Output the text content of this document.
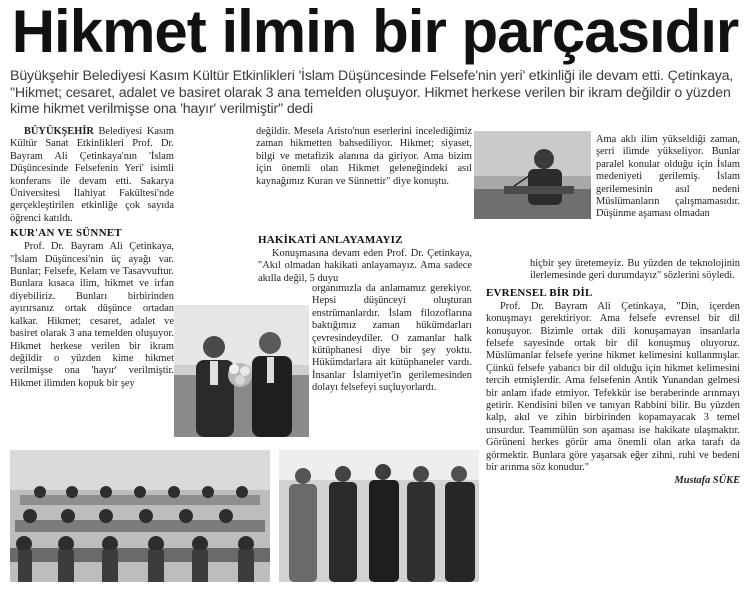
Hikmet ilmin bir parçasıdır
Büyükşehir Belediyesi Kasım Kültür Etkinlikleri 'İslam Düşüncesinde Felsefe'nin yeri' etkinliği ile devam etti. Çetinkaya, "Hikmet; cesaret, adalet ve basiret olarak 3 ana temelden oluşuyor. Hikmet herkese verilen bir ikram değildir o yüzden kime hikmet verilmişse ona 'hayır' verilmiştir" dedi

BÜYÜKŞEHİR Belediyesi Kasım Kültür Sanat Etkinlikleri Prof. Dr. Bayram Ali Çetinkaya'nın 'İslam Düşüncesinde Felsefenin Yeri' isimli konferans ile devam etti. Sakarya Üniversitesi İlahiyat Fakültesi'nde gerçekleştirilen etkinliğe çok sayıda öğrenci katıldı.

KUR'AN VE SÜNNET

Prof. Dr. Bayram Ali Çetinkaya, "İslam Düşüncesi'nin üç ayağı var. Bunlar; Felsefe, Kelam ve Tasavvuftur. Bunlara kısaca ilim, hikmet ve irfan diyebiliriz. Bunları birbirinden ayırırsanız ortak düşünce ortadan kalkar. Hikmet; cesaret, adalet ve basiret olarak 3 ana temelden oluşuyor. Hikmet herkese verilen bir ikram değildir o yüzden kime hikmet verilmişse ona 'hayır' verilmiştir. Hikmet ilimden kopuk bir şey

değildir. Mesela Aristo'nun eserlerini incelediğimiz zaman hikmetten bahsediliyor. Hikmet; siyaset, bilgi ve metafizik alanına da giriyor. Ama bizim için önemli olan Hikmet geleneğindeki asıl kaynağımız Kuran ve Sünnettir" diye konuştu.

HAKİKATİ ANLAYAMAYIZ

Konuşmasına devam eden Prof. Dr. Çetinkaya, "Akıl olmadan hakikati anlayamayız. Ama sadece akılla değil, 5 duyu

organımızla da anlamamız gerekiyor. Hepsi düşünceyi oluşturan enstrümanlardır. İslam filozoflarına baktığımız zaman hükümdarları çevresindeydiler. O zamanlar halk kütüphanesi diye bir şey yoktu. Hükümdarlara ait kütüphaneler vardı. İnsanlar İslamiyet'in gerilemesinden dolayı felsefeyi suçluyorlardı.

Ama aklı ilim yükseldiği zaman, şerri ilimde yükseliyor. Bunlar paralel konular olduğu için İslam medeniyeti gerilemiş. İslam gerilemesinin asıl nedeni Müslümanların çalışmamasıdır. Düşünme aşaması olmadan

hiçbir şey üretemeyiz. Bu yüzden de teknolojinin ilerlemesinde geri durumdayız" sözlerini söyledi.

EVRENSEL BİR DİL

Prof. Dr. Bayram Ali Çetinkaya, "Din, içerden konuşmayı gerektiriyor. Ama felsefe evrensel bir dil konuşuyor. Bizimle ortak dili konuşamayan insanlarla felsefe sayesinde ortak bir dil konuşmuş oluyoruz. Müslümanlar felsefe yerine hikmet kelimesini kullanmışlar. Çünkü felsefe yabancı bir dil olduğu için hikmet kelimesini tercih etmişlerdir. Ama felsefenin Antik Yunandan gelmesi bir anlam ifade etmiyor. Tefekkür ise beraberinde arınmayı getirir. Kendisini bilen ve tanıyan Rabbini bilir. Bu yüzden kalp, akıl ve zihin birbirinden kopamayacak 3 temel unsurdur. Teammülün son aşaması ise hakikate ulaşmaktır. Görüneni herkes görür ama önemli olan arka tarafı da görmektir. Bunlara göre yaşarsak eğer zihni, ruhi ve bedeni bir arınma söz konudur."

Mustafa SÜKE
